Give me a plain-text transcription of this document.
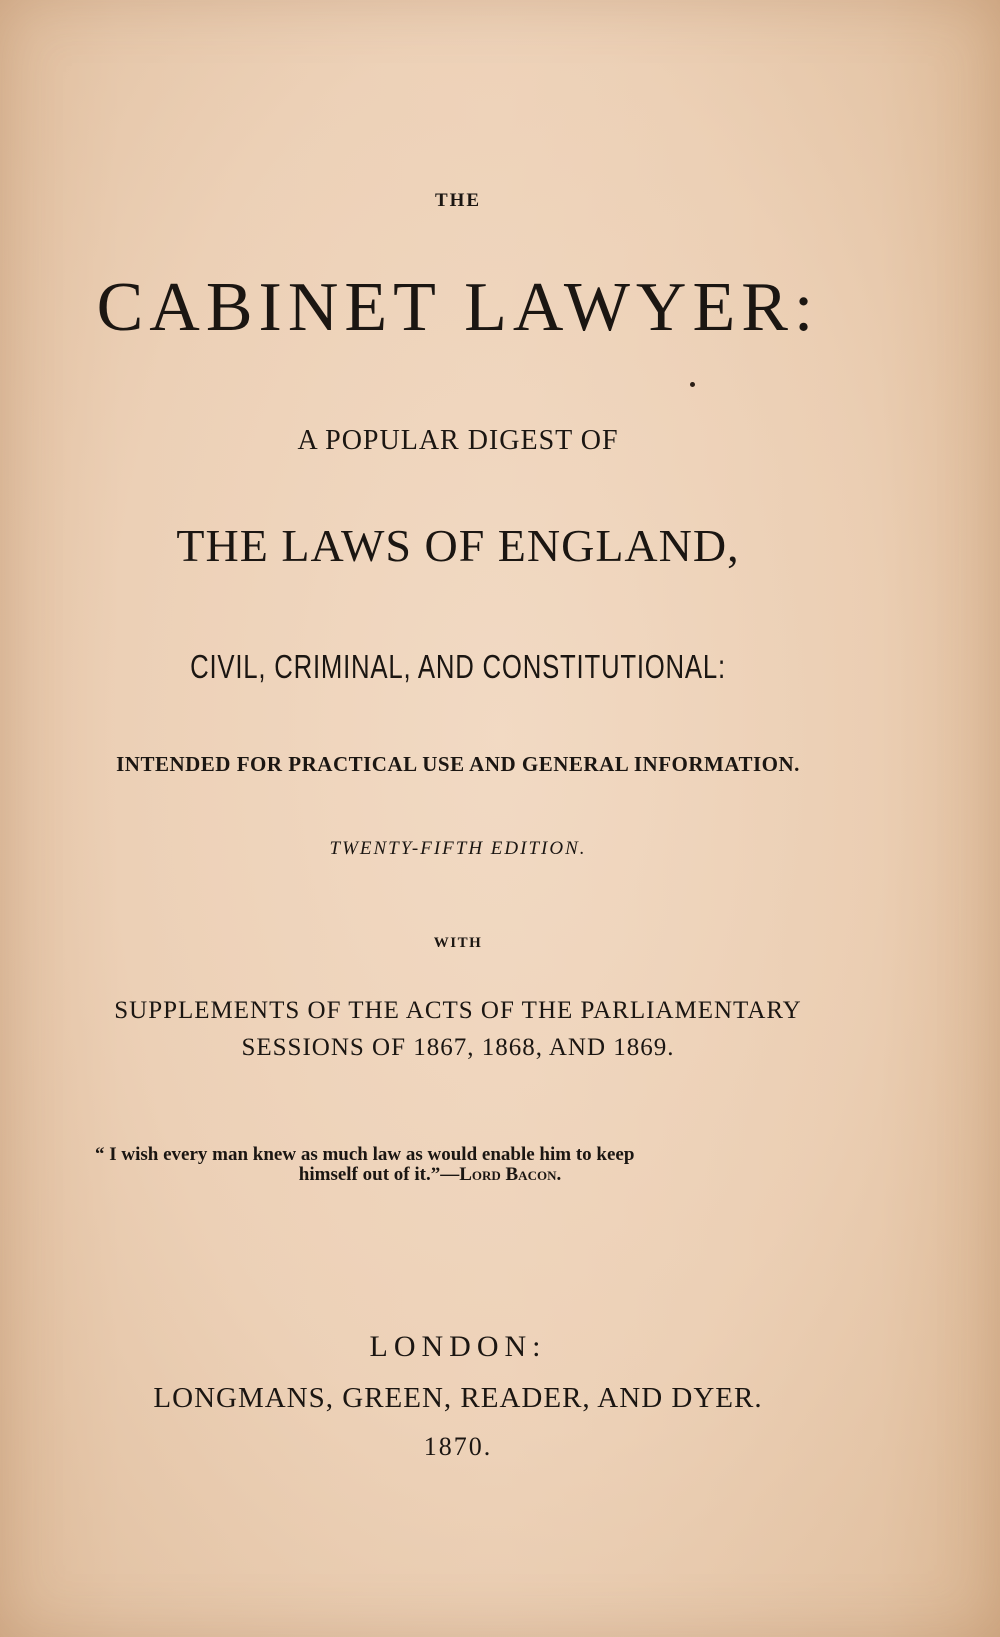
THE
CABINET LAWYER:
A POPULAR DIGEST OF
THE LAWS OF ENGLAND,
CIVIL, CRIMINAL, AND CONSTITUTIONAL:
INTENDED FOR PRACTICAL USE AND GENERAL INFORMATION.
TWENTY-FIFTH EDITION.
WITH
SUPPLEMENTS OF THE ACTS OF THE PARLIAMENTARY
SESSIONS OF 1867, 1868, AND 1869.
“ I wish every man knew as much law as would enable him to keep
himself out of it.”—Lord Bacon.
LONDON:
LONGMANS, GREEN, READER, AND DYER.
1870.
